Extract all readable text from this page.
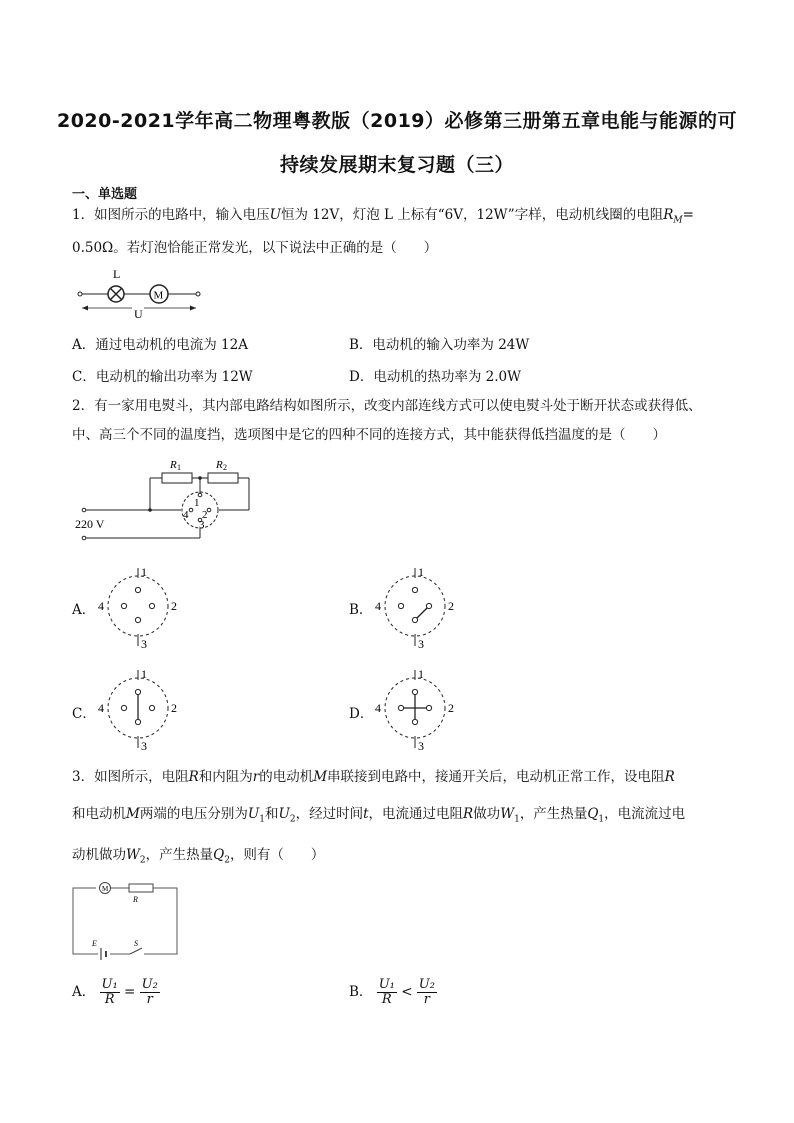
2020-2021学年高二物理粤教版（2019）必修第三册第五章电能与能源的可
持续发展期末复习题（三）
一、单选题
1．如图所示的电路中，输入电压U恒为 12V，灯泡 L 上标有“6V，12W”字样，电动机线圈的电阻$R_M=$
0.50Ω。若灯泡恰能正常发光，以下说法中正确的是（　　）
L
M
U
A．通过电动机的电流为 12A	B．电动机的输入功率为 24W
C．电动机的输出功率为 12W	D．电动机的热功率为 2.0W
2．有一家用电熨斗，其内部电路结构如图所示，改变内部连线方式可以使电熨斗处于断开状态或获得低、
中、高三个不同的温度挡，选项图中是它的四种不同的连接方式，其中能获得低挡温度的是（　　）
R 1	R 2
1
4 2
3
220 V
A．
1
4	2
3
B．
1
4	2
3
C．
1
4	2
3
D．
1
4	2
3
3．如图所示，电阻R和内阻为r的电动机M串联接到电路中，接通开关后，电动机正常工作，设电阻R
和电动机M两端的电压分别为$U_1$和$U_2$，经过时间t，电流通过电阻R做功$W_1$，产生热量$Q_1$，电流流过电
动机做功$W_2$，产生热量$Q_2$，则有（　　）
M
R
E	S
A． $\frac{\text{U₁}}{R} = \frac{\text{U₂}}{r}$	B． $\frac{\text{U₁}}{R} < \frac{\text{U₂}}{r}$
